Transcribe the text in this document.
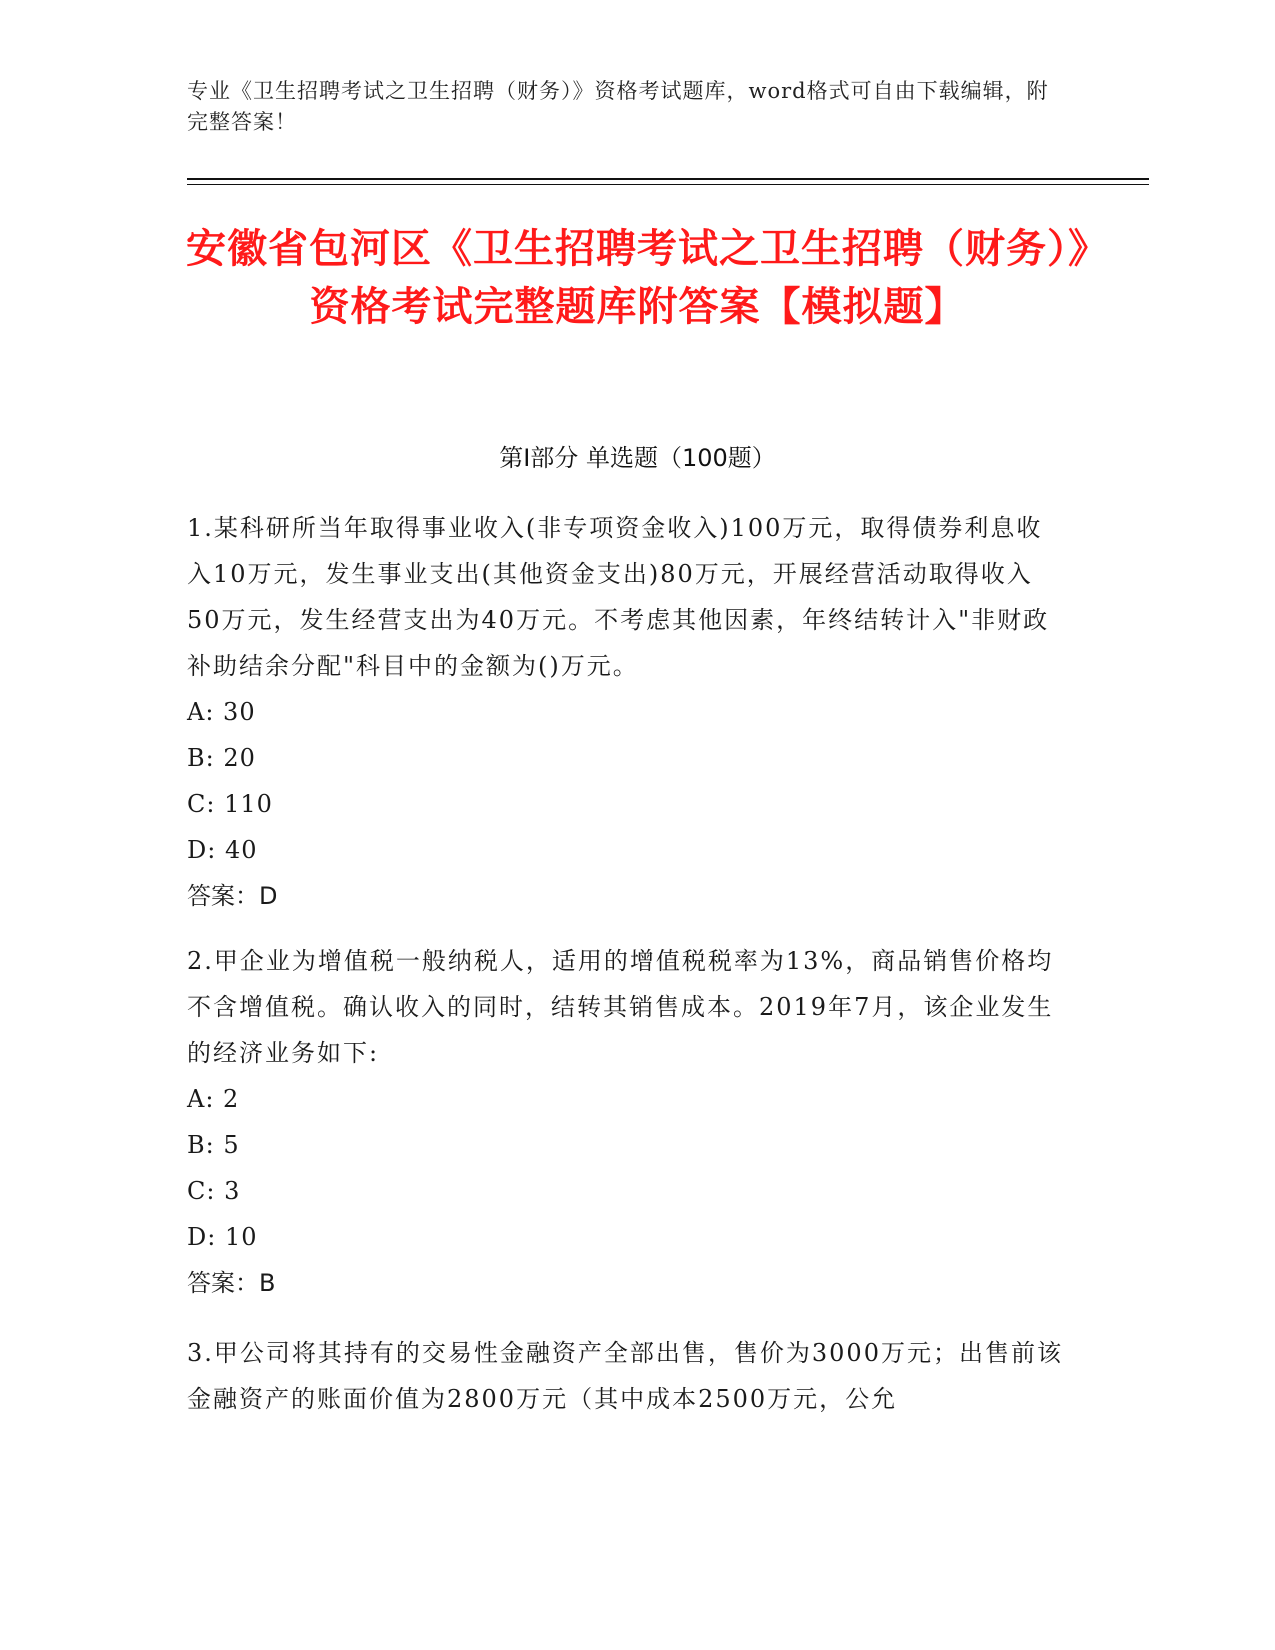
专业《卫生招聘考试之卫生招聘（财务）》资格考试题库，word格式可自由下载编辑，附完整答案！
安徽省包河区《卫生招聘考试之卫生招聘（财务）》资格考试完整题库附答案【模拟题】
第I部分 单选题（100题）

1.某科研所当年取得事业收入(非专项资金收入)100万元，取得债券利息收入10万元，发生事业支出(其他资金支出)80万元，开展经营活动取得收入50万元，发生经营支出为40万元。不考虑其他因素，年终结转计入"非财政补助结余分配"科目中的金额为()万元。

A: 30

B: 20

C: 110

D: 40

答案：D

2.甲企业为增值税一般纳税人，适用的增值税税率为13%，商品销售价格均不含增值税。确认收入的同时，结转其销售成本。2019年7月，该企业发生的经济业务如下:

A: 2

B: 5

C: 3

D: 10

答案：B

3.甲公司将其持有的交易性金融资产全部出售，售价为3000万元；出售前该金融资产的账面价值为2800万元（其中成本2500万元，公允
